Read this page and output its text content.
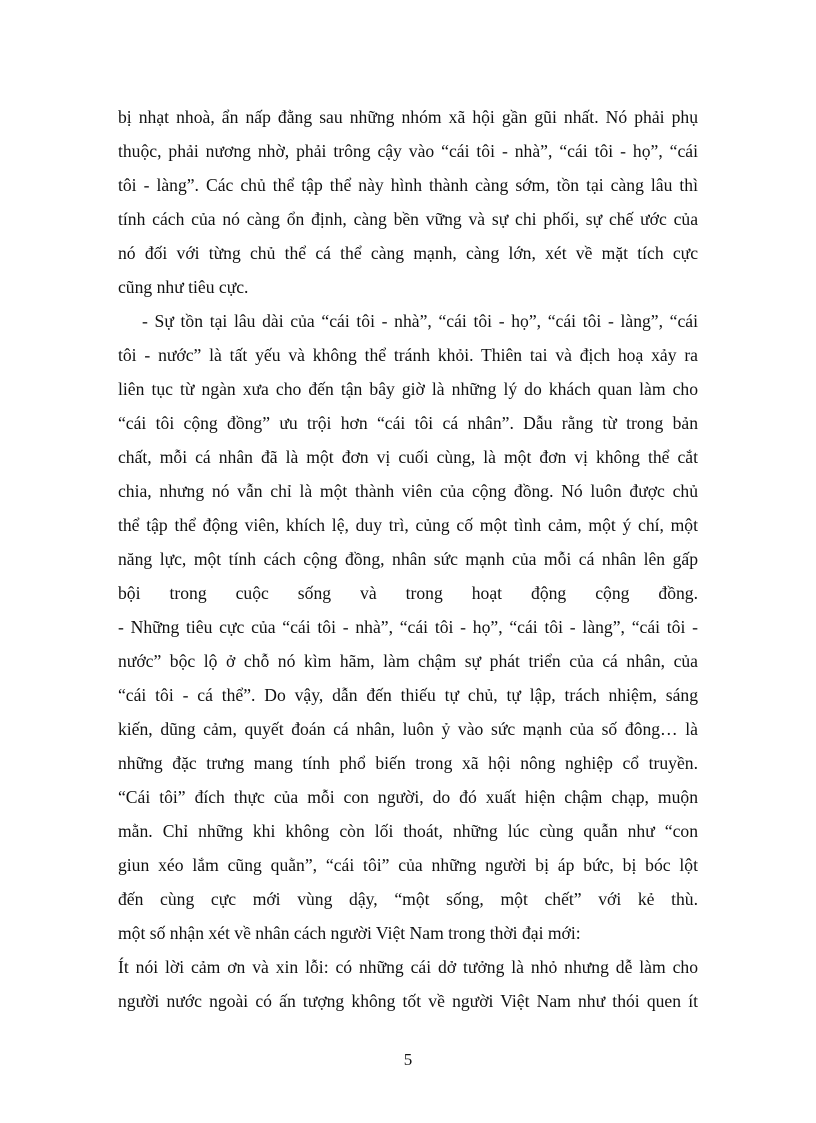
bị nhạt nhoà, ẩn nấp đằng sau những nhóm xã hội gần gũi nhất. Nó phải phụ
thuộc, phải nương nhờ, phải trông cậy vào “cái tôi - nhà”, “cái tôi - họ”, “cái
tôi - làng”. Các chủ thể tập thể này hình thành càng sớm, tồn tại càng lâu thì
tính cách của nó càng ổn định, càng bền vững và sự chi phối, sự chế ước của
nó đối với từng chủ thể cá thể càng mạnh, càng lớn, xét về mặt tích cực
cũng như tiêu cực.
- Sự tồn tại lâu dài của “cái tôi - nhà”, “cái tôi - họ”, “cái tôi - làng”, “cái
tôi - nước” là tất yếu và không thể tránh khỏi. Thiên tai và địch hoạ xảy ra
liên tục từ ngàn xưa cho đến tận bây giờ là những lý do khách quan làm cho
“cái tôi cộng đồng” ưu trội hơn “cái tôi cá nhân”. Dẫu rằng từ trong bản
chất, mỗi cá nhân đã là một đơn vị cuối cùng, là một đơn vị không thể cắt
chia, nhưng nó vẫn chỉ là một thành viên của cộng đồng. Nó luôn được chủ
thể tập thể động viên, khích lệ, duy trì, củng cố một tình cảm, một ý chí, một
năng lực, một tính cách cộng đồng, nhân sức mạnh của mỗi cá nhân lên gấp
bội trong cuộc sống và trong hoạt động cộng đồng.
- Những tiêu cực của “cái tôi - nhà”, “cái tôi - họ”, “cái tôi - làng”, “cái tôi -
nước” bộc lộ ở chỗ nó kìm hãm, làm chậm sự phát triển của cá nhân, của
“cái tôi - cá thể”. Do vậy, dẫn đến thiếu tự chủ, tự lập, trách nhiệm, sáng
kiến, dũng cảm, quyết đoán cá nhân, luôn ỷ vào sức mạnh của số đông… là
những đặc trưng mang tính phổ biến trong xã hội nông nghiệp cổ truyền.
“Cái tôi” đích thực của mỗi con người, do đó xuất hiện chậm chạp, muộn
mằn. Chỉ những khi không còn lối thoát, những lúc cùng quẫn như “con
giun xéo lắm cũng quằn”, “cái tôi” của những người bị áp bức, bị bóc lột
đến cùng cực mới vùng dậy, “một sống, một chết” với kẻ thù.
một số nhận xét về nhân cách người Việt Nam trong thời đại mới:
Ít nói lời cảm ơn và xin lỗi: có những cái dở tưởng là nhỏ nhưng dễ làm cho
người nước ngoài có ấn tượng không tốt về người Việt Nam như thói quen ít
5
